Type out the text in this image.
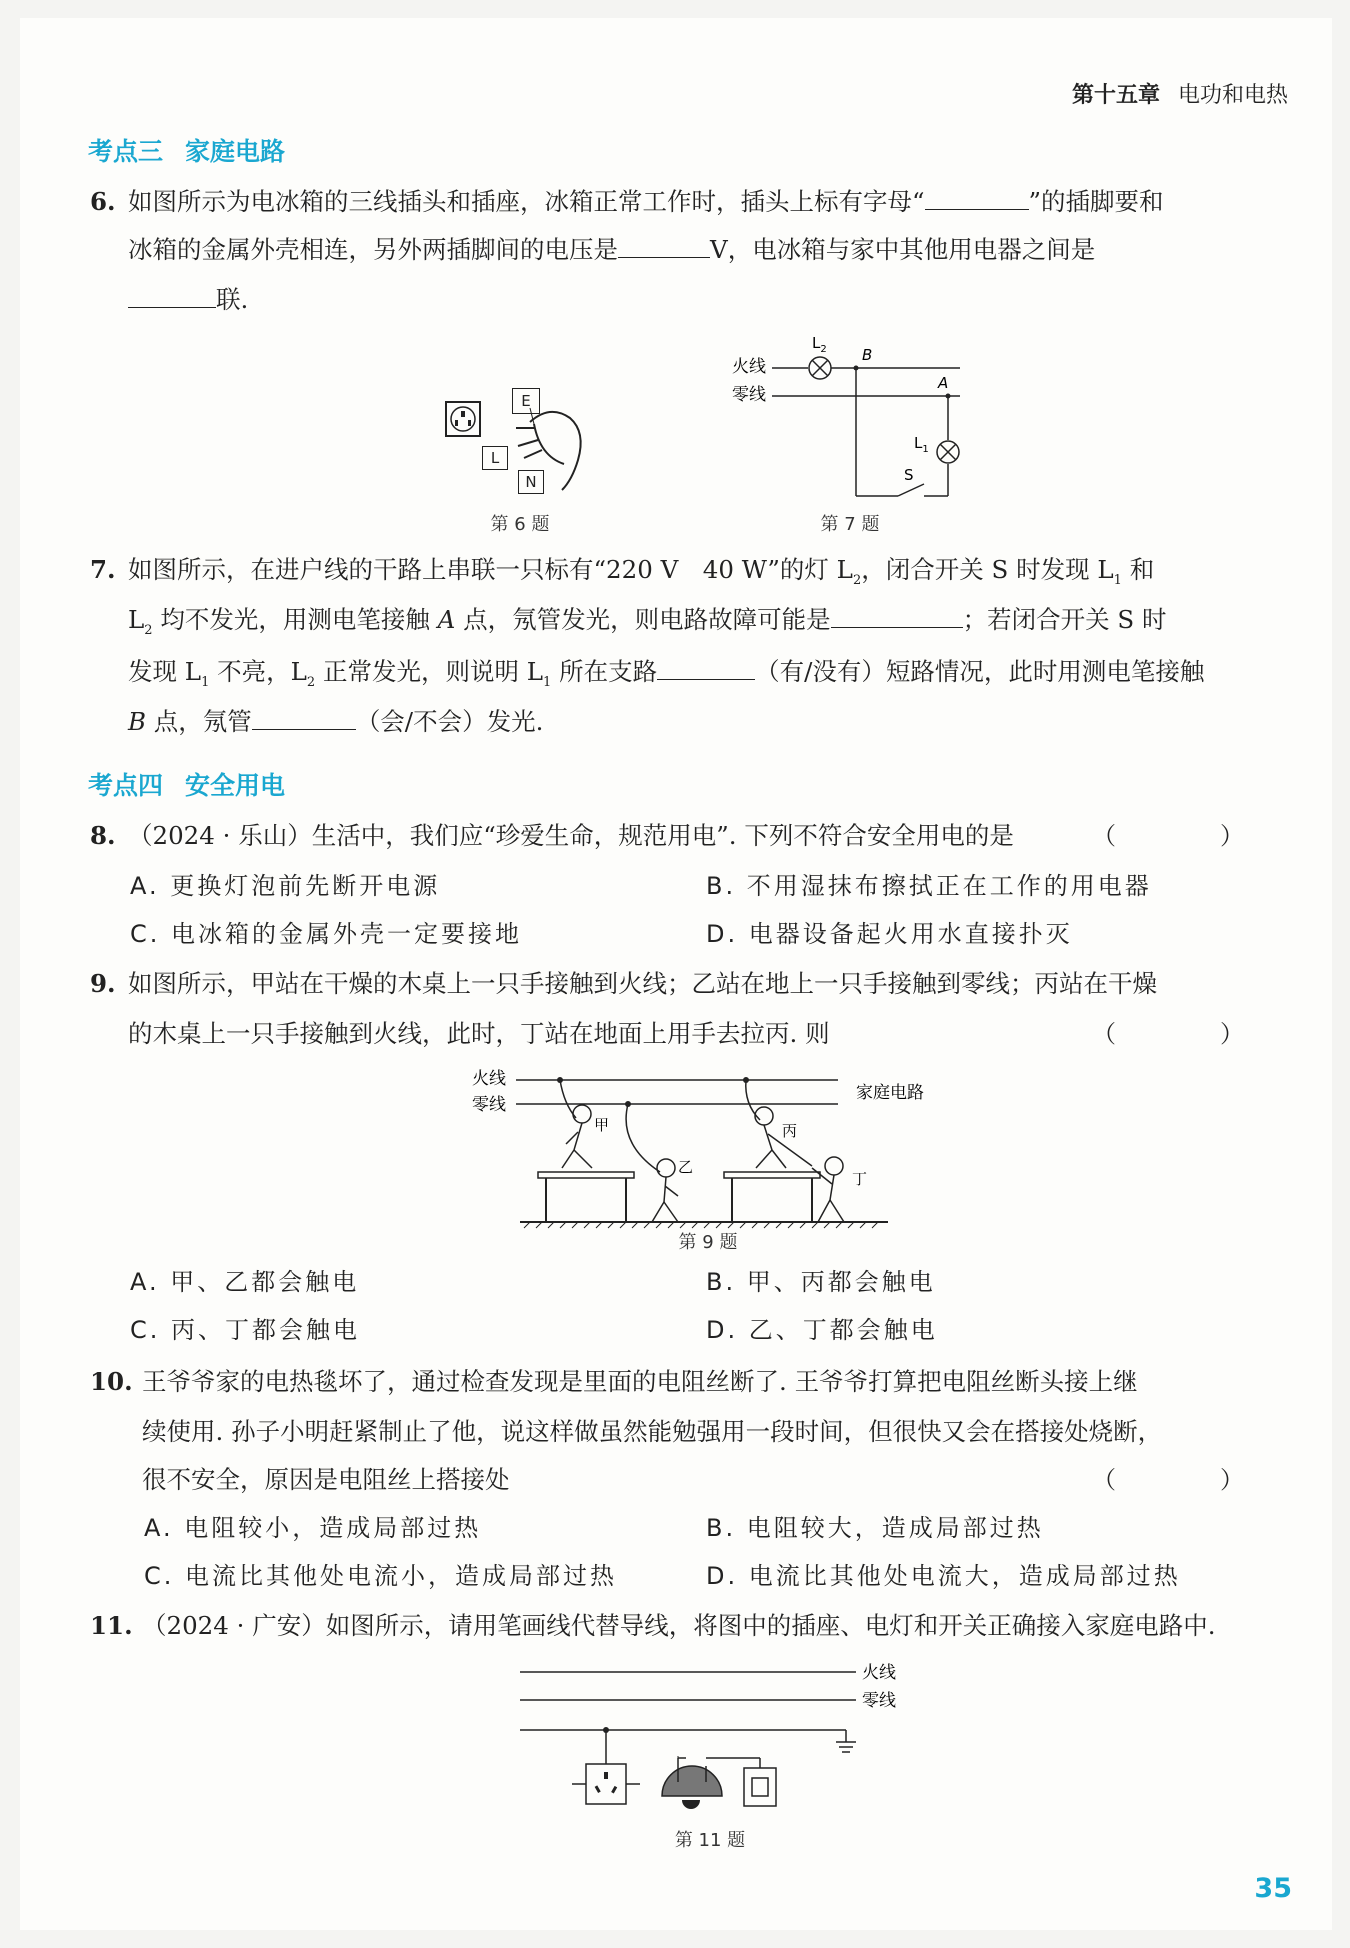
第十五章 电功和电热
考点三 家庭电路
6. 如图所示为电冰箱的三线插头和插座，冰箱正常工作时，插头上标有字母“	”的插脚要和
冰箱的金属外壳相连，另外两插脚间的电压是	V，电冰箱与家中其他用电器之间是
联.
E
L
N
第 6 题
火线
零线
$L_2$ B
A
$L_1$
S
第 7 题
7. 如图所示，在进户线的干路上串联一只标有“220 V　40 W”的灯 $L_2$，闭合开关 S 时发现 $L_1$ 和
$L_2$ 均不发光，用测电笔接触 A 点，氖管发光，则电路故障可能是	；若闭合开关 S 时
发现 $L_1$ 不亮，$L_2$ 正常发光，则说明 $L_1$ 所在支路	（有/没有）短路情况，此时用测电笔接触
B 点，氖管	（会/不会）发光.
考点四 安全用电
8. （2024 · 乐山）生活中，我们应“珍爱生命，规范用电”. 下列不符合安全用电的是	（　）
A. 更换灯泡前先断开电源	B. 不用湿抹布擦拭正在工作的用电器
C. 电冰箱的金属外壳一定要接地	D. 电器设备起火用水直接扑灭
9. 如图所示，甲站在干燥的木桌上一只手接触到火线；乙站在地上一只手接触到零线；丙站在干燥
的木桌上一只手接触到火线，此时，丁站在地面上用手去拉丙. 则	（　）
火线
零线
家庭电路
甲
乙
丙
丁
第 9 题
A. 甲、乙都会触电	B. 甲、丙都会触电
C. 丙、丁都会触电	D. 乙、丁都会触电
10. 王爷爷家的电热毯坏了，通过检查发现是里面的电阻丝断了. 王爷爷打算把电阻丝断头接上继
续使用. 孙子小明赶紧制止了他，说这样做虽然能勉强用一段时间，但很快又会在搭接处烧断，
很不安全，原因是电阻丝上搭接处	（　）
A. 电阻较小，造成局部过热	B. 电阻较大，造成局部过热
C. 电流比其他处电流小，造成局部过热	D. 电流比其他处电流大，造成局部过热
11. （2024 · 广安）如图所示，请用笔画线代替导线，将图中的插座、电灯和开关正确接入家庭电路中.
火线
零线
第 11 题
35
